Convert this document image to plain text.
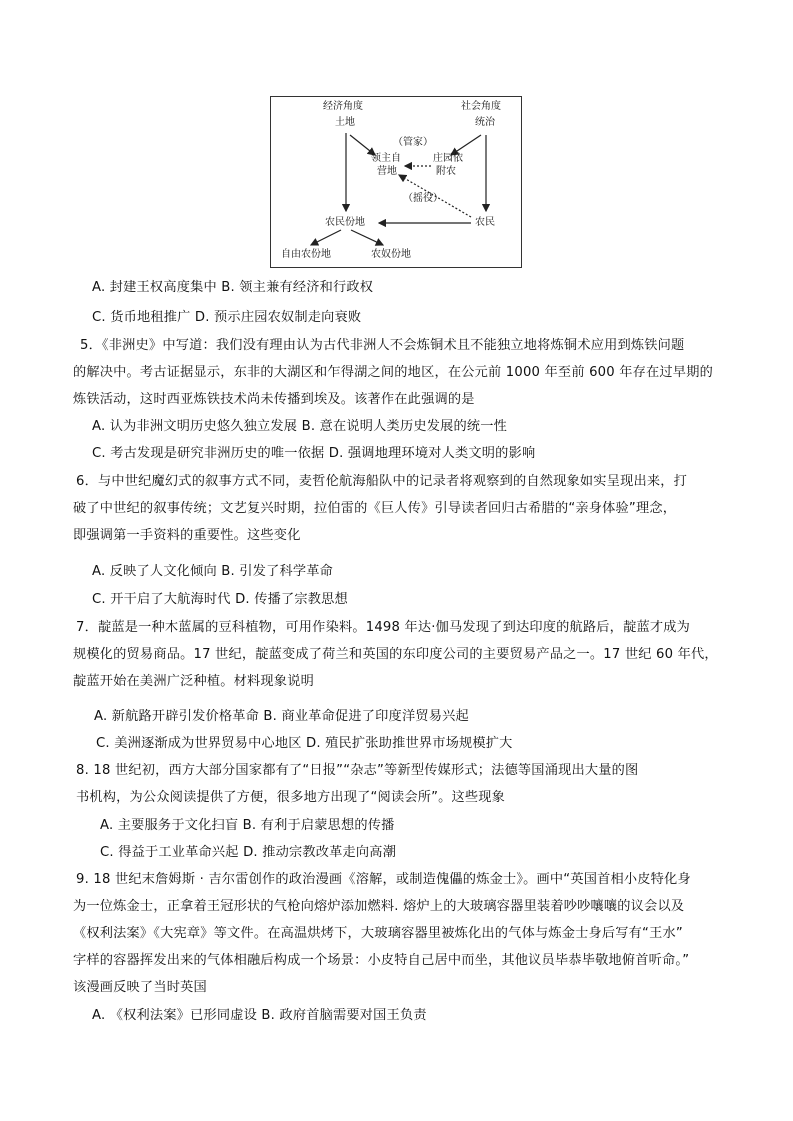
经济角度
土地
社会角度
统治
（管家）
领主自
营地
庄园依
附农
（摇役）
农民份地	农民
自由农份地	农奴份地
A. 封建王权高度集中 B. 领主兼有经济和行政权
C. 货币地租推广 D. 预示庄园农奴制走向衰败
5．《非洲史》中写道：我们没有理由认为古代非洲人不会炼铜术且不能独立地将炼铜术应用到炼铁问题
的解决中。考古证据显示，东非的大湖区和乍得湖之间的地区，在公元前 1000 年至前 600 年存在过早期的
炼铁活动，这时西亚炼铁技术尚未传播到埃及。该著作在此强调的是
A. 认为非洲文明历史悠久独立发展 B. 意在说明人类历史发展的统一性
C. 考古发现是研究非洲历史的唯一依据 D. 强调地理环境对人类文明的影响
6．与中世纪魔幻式的叙事方式不同，麦哲伦航海船队中的记录者将观察到的自然现象如实呈现出来，打
破了中世纪的叙事传统；文艺复兴时期，拉伯雷的《巨人传》引导读者回归古希腊的“亲身体验”理念，
即强调第一手资料的重要性。这些变化
A. 反映了人文化倾向 B. 引发了科学革命
C. 开干启了大航海时代 D. 传播了宗教思想
7．靛蓝是一种木蓝属的豆科植物，可用作染料。1498 年达·伽马发现了到达印度的航路后，靛蓝才成为
规模化的贸易商品。17 世纪，靛蓝变成了荷兰和英国的东印度公司的主要贸易产品之一。17 世纪 60 年代，
靛蓝开始在美洲广泛种植。材料现象说明
A. 新航路开辟引发价格革命 B. 商业革命促进了印度洋贸易兴起
C. 美洲逐渐成为世界贸易中心地区 D. 殖民扩张助推世界市场规模扩大
8. 18 世纪初，西方大部分国家都有了“日报”“杂志”等新型传媒形式；法德等国涌现出大量的图
书机构，为公众阅读提供了方便，很多地方出现了“阅读会所”。这些现象
A. 主要服务于文化扫盲 B. 有利于启蒙思想的传播
C. 得益于工业革命兴起 D. 推动宗教改革走向高潮
9. 18 世纪末詹姆斯 · 吉尔雷创作的政治漫画《溶解，或制造傀儡的炼金士》。画中“英国首相小皮特化身
为一位炼金士，正拿着王冠形状的气枪向熔炉添加燃料. 熔炉上的大玻璃容器里装着吵吵嚷嚷的议会以及
《权利法案》《大宪章》等文件。在高温烘烤下，大玻璃容器里被炼化出的气体与炼金士身后写有“王水”
字样的容器挥发出来的气体相融后构成一个场景：小皮特自己居中而坐，其他议员毕恭毕敬地俯首听命。”
该漫画反映了当时英国
A. 《权利法案》已形同虚设 B. 政府首脑需要对国王负责
